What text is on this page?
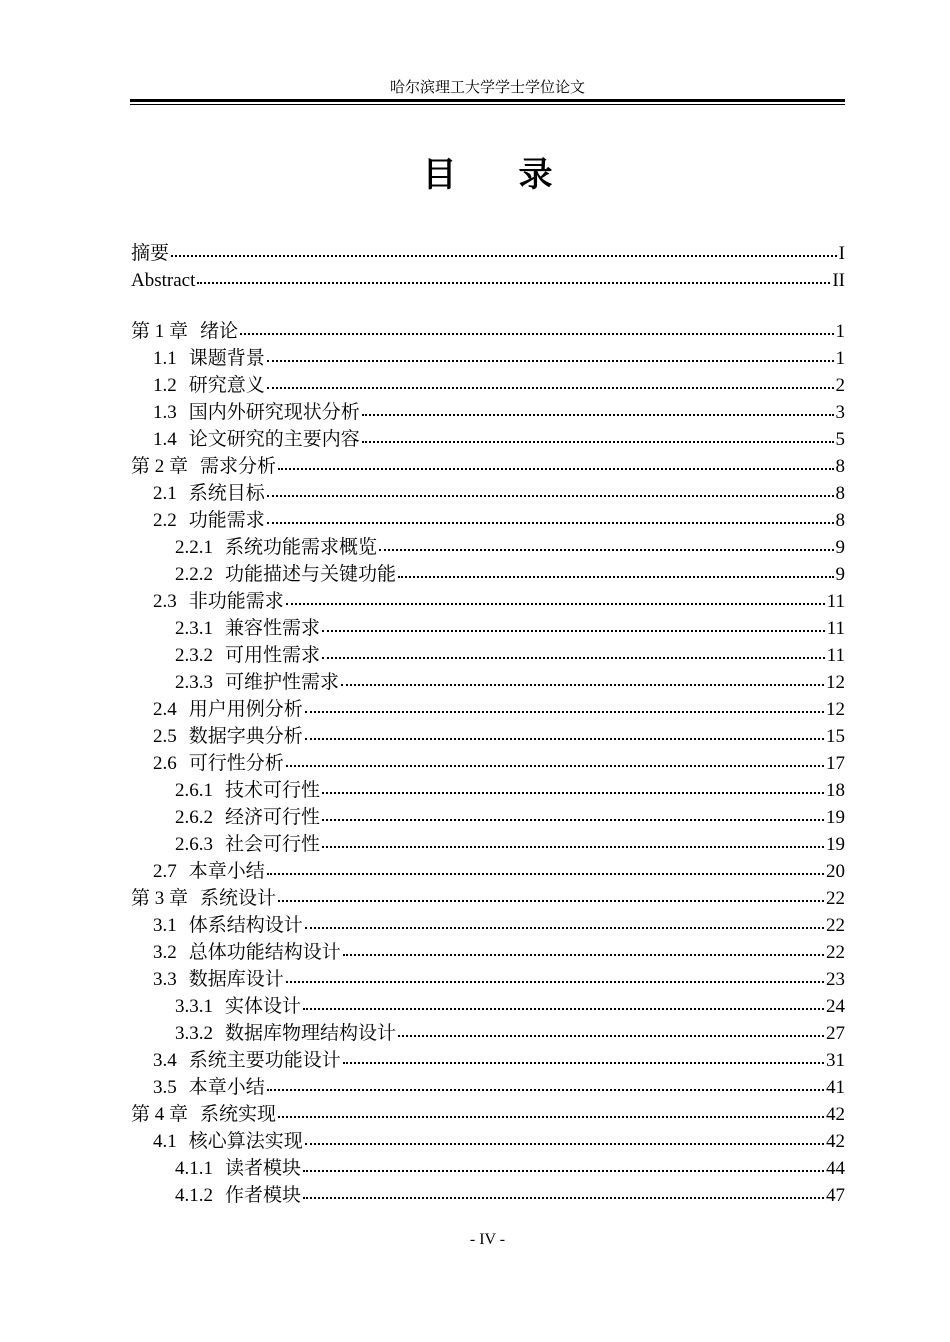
哈尔滨理工大学学士学位论文
目录
摘要	I
Abstract	II
第 1 章 绪论	1
1.1 课题背景	1
1.2 研究意义	2
1.3 国内外研究现状分析	3
1.4 论文研究的主要内容	5
第 2 章 需求分析	8
2.1 系统目标	8
2.2 功能需求	8
2.2.1 系统功能需求概览	9
2.2.2 功能描述与关键功能	9
2.3 非功能需求	11
2.3.1 兼容性需求	11
2.3.2 可用性需求	11
2.3.3 可维护性需求	12
2.4 用户用例分析	12
2.5 数据字典分析	15
2.6 可行性分析	17
2.6.1 技术可行性	18
2.6.2 经济可行性	19
2.6.3 社会可行性	19
2.7 本章小结	20
第 3 章 系统设计	22
3.1 体系结构设计	22
3.2 总体功能结构设计	22
3.3 数据库设计	23
3.3.1 实体设计	24
3.3.2 数据库物理结构设计	27
3.4 系统主要功能设计	31
3.5 本章小结	41
第 4 章 系统实现	42
4.1 核心算法实现	42
4.1.1 读者模块	44
4.1.2 作者模块	47
- IV -
